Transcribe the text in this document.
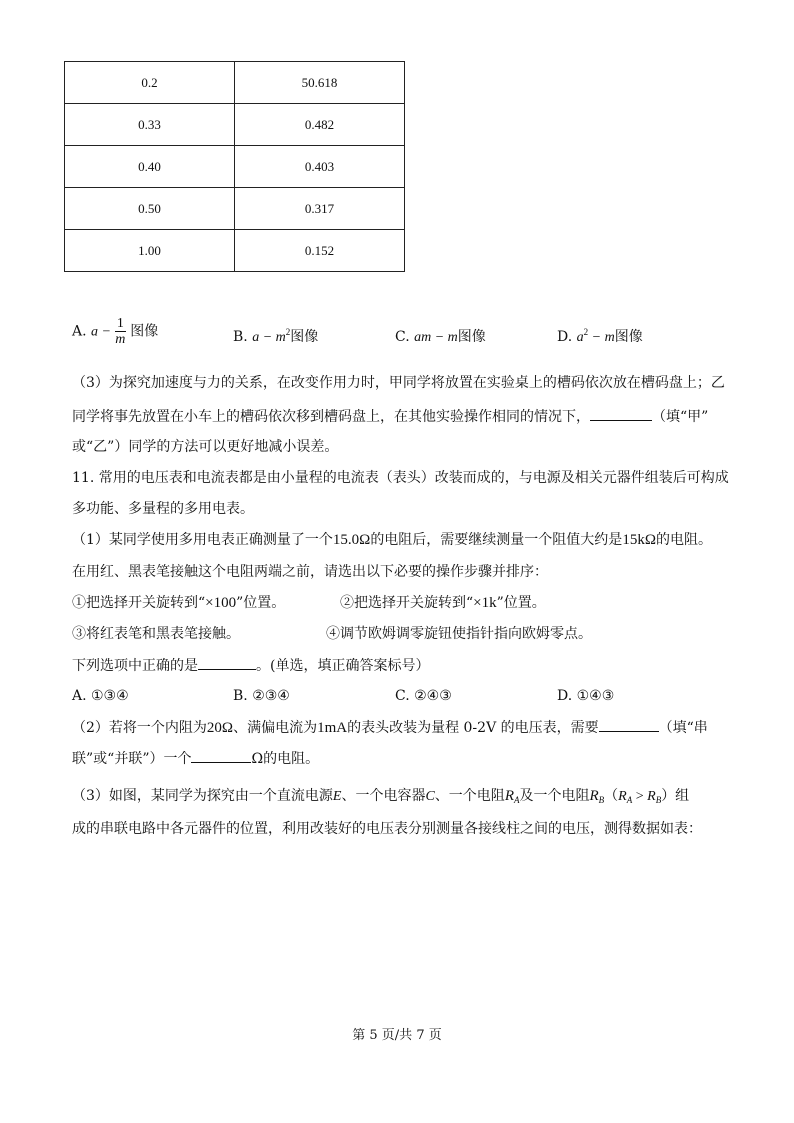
0.2	50.618
0.33	0.482
0.40	0.403
0.50	0.317
1.00	0.152
A. $a - \frac{1}{m}$ 图像	B. $a - m^2$图像	C. am − m图像	D. $a^2 - m$图像
（3）为探究加速度与力的关系，在改变作用力时，甲同学将放置在实验桌上的槽码依次放在槽码盘上；乙
同学将事先放置在小车上的槽码依次移到槽码盘上，在其他实验操作相同的情况下，	（填“甲”
或“乙”）同学的方法可以更好地减小误差。
11. 常用的电压表和电流表都是由小量程的电流表（表头）改装而成的，与电源及相关元器件组装后可构成
多功能、多量程的多用电表。
（1）某同学使用多用电表正确测量了一个15.0Ω的电阻后，需要继续测量一个阻值大约是15kΩ的电阻。
在用红、黑表笔接触这个电阻两端之前，请选出以下必要的操作步骤并排序：
①把选择开关旋转到“×100”位置。	②把选择开关旋转到“×1k”位置。
③将红表笔和黑表笔接触。	④调节欧姆调零旋钮使指针指向欧姆零点。
下列选项中正确的是	。(单选，填正确答案标号）
A. ①③④	B. ②③④	C. ②④③	D. ①④③
（2）若将一个内阻为20Ω、满偏电流为1mA的表头改装为量程 0-2V 的电压表，需要	（填“串
联”或“并联”）一个	Ω的电阻。
（3）如图，某同学为探究由一个直流电源E、一个电容器C、一个电阻$R_A$及一个电阻$R_B(R_A > R_B)$组
成的串联电路中各元器件的位置，利用改装好的电压表分别测量各接线柱之间的电压，测得数据如表：
第 5 页/共 7 页
